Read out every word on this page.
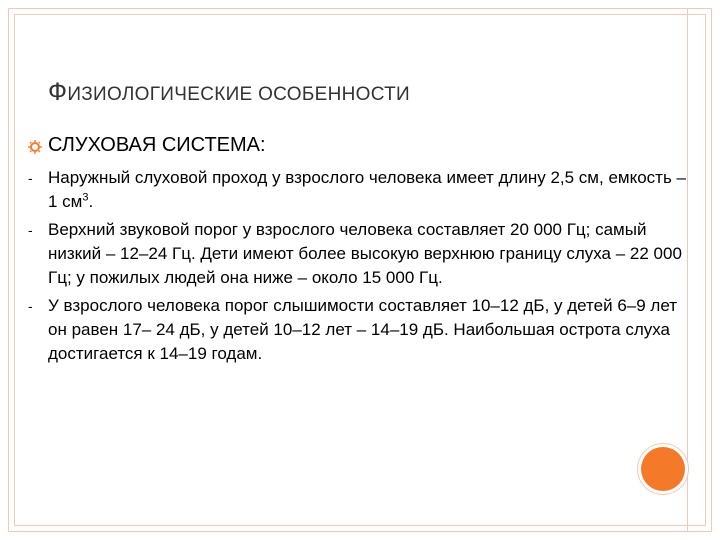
ФИЗИОЛОГИЧЕСКИЕ ОСОБЕННОСТИ
СЛУХОВАЯ СИСТЕМА:
- Наружный слуховой проход у взрослого человека имеет длину 2,5 см, емкость – 1 $см^3$.

- Верхний звуковой порог у взрослого человека составляет 20 000 Гц; самый низкий – 12–24 Гц. Дети имеют более высокую верхнюю границу слуха – 22 000 Гц; у пожилых людей она ниже – около 15 000 Гц.

- У взрослого человека порог слышимости составляет 10–12 дБ, у детей 6–9 лет он равен 17– 24 дБ, у детей 10–12 лет – 14–19 дБ. Наибольшая острота слуха достигается к 14–19 годам.
